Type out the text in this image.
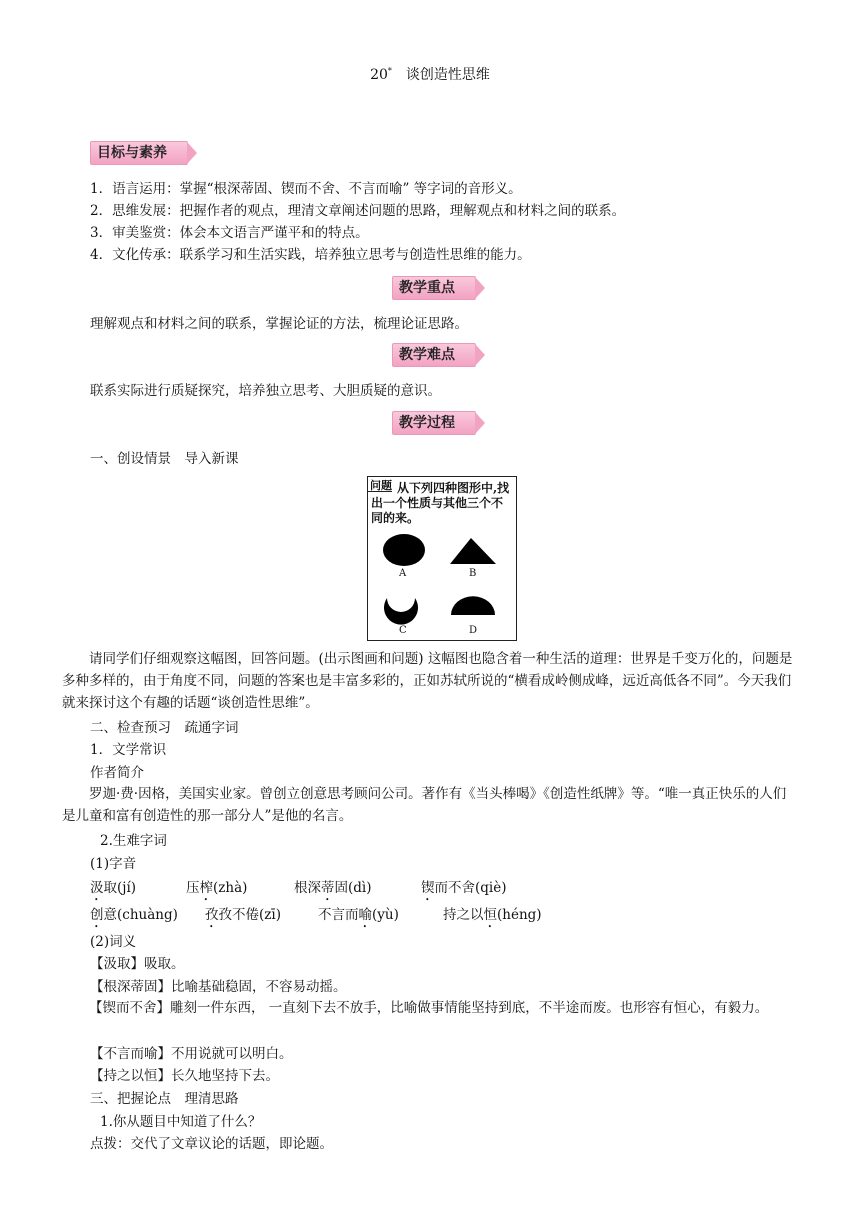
20*　 谈创造性思维
目标与素养
1．语言运用：掌握“根深蒂固、锲而不舍、不言而喻” 等字词的音形义。
2．思维发展：把握作者的观点，理清文章阐述问题的思路，理解观点和材料之间的联系。
3．审美鉴赏：体会本文语言严谨平和的特点。
4．文化传承：联系学习和生活实践，培养独立思考与创造性思维的能力。
教学重点
理解观点和材料之间的联系，掌握论证的方法，梳理论证思路。
教学难点
联系实际进行质疑探究，培养独立思考、大胆质疑的意识。
教学过程
一、创设情景　导入新课
从下列四种图形中,找出一个性质与其他三个不同的来。
问题
A	B
C	D
请同学们仔细观察这幅图，回答问题。(出示图画和问题) 这幅图也隐含着一种生活的道理：世界是千变万化的，问题是多种多样的，由于角度不同，问题的答案也是丰富多彩的，正如苏轼所说的“横看成岭侧成峰，远近高低各不同”。今天我们就来探讨这个有趣的话题“谈创造性思维”。
二、检查预习　疏通字词
1．文学常识
作者简介
罗迦·费·因格，美国实业家。曾创立创意思考顾问公司。著作有《当头棒喝》《创造性纸牌》等。“唯一真正快乐的人们是儿童和富有创造性的那一部分人”是他的名言。
2.生难字词
(1)字音
汲取(jí)	压榨(zhà)	根深蒂固(dì)	锲而不舍(qiè)
创意(chuàng) 孜孜不倦(zī)	不言而喻(yù)	持之以恒(héng)
(2)词义
【汲取】吸取。
【根深蒂固】比喻基础稳固，不容易动摇。
【锲而不舍】雕刻一件东西， 一直刻下去不放手，比喻做事情能坚持到底，不半途而废。也形容有恒心，有毅力。
【不言而喻】不用说就可以明白。
【持之以恒】长久地坚持下去。
三、把握论点　理清思路
1.你从题目中知道了什么？
点拨：交代了文章议论的话题，即论题。
